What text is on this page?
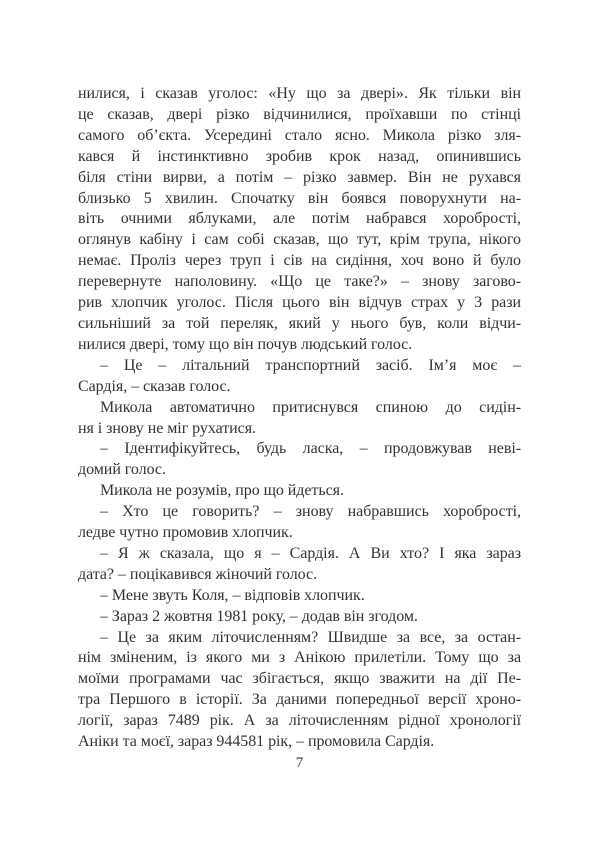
нилися, і сказав уголос: «Ну що за двері». Як тільки він
це сказав, двері різко відчинилися, проїхавши по стінці
самого об’єкта. Усередині стало ясно. Микола різко зля-
кався й інстинктивно зробив крок назад, опинившись
біля стіни вирви, а потім – різко завмер. Він не рухався
близько 5 хвилин. Спочатку він боявся поворухнути на-
віть очними яблуками, але потім набрався хоробрості,
оглянув кабіну і сам собі сказав, що тут, крім трупа, нікого
немає. Проліз через труп і сів на сидіння, хоч воно й було
перевернуте наполовину. «Що це таке?» – знову загово-
рив хлопчик уголос. Після цього він відчув страх у 3 рази
сильніший за той переляк, який у нього був, коли відчи-
нилися двері, тому що він почув людський голос.
– Це – літальний транспортний засіб. Ім’я моє –
Сардія, – сказав голос.
Микола автоматично притиснувся спиною до сидін-
ня і знову не міг рухатися.
– Ідентифікуйтесь, будь ласка, – продовжував неві-
домий голос.
Микола не розумів, про що йдеться.
– Хто це говорить? – знову набравшись хоробрості,
ледве чутно промовив хлопчик.
– Я ж сказала, що я – Сардія. А Ви хто? І яка зараз
дата? – поцікавився жіночий голос.
– Мене звуть Коля, – відповів хлопчик.
– Зараз 2 жовтня 1981 року, – додав він згодом.
– Це за яким літочисленням? Швидше за все, за остан-
нім зміненим, із якого ми з Анікою прилетіли. Тому що за
моїми програмами час збігається, якщо зважити на дії Пе-
тра Першого в історії. За даними попередньої версії хроно-
логії, зараз 7489 рік. А за літочисленням рідної хронології
Аніки та моєї, зараз 944581 рік, – промовила Сардія.
7
